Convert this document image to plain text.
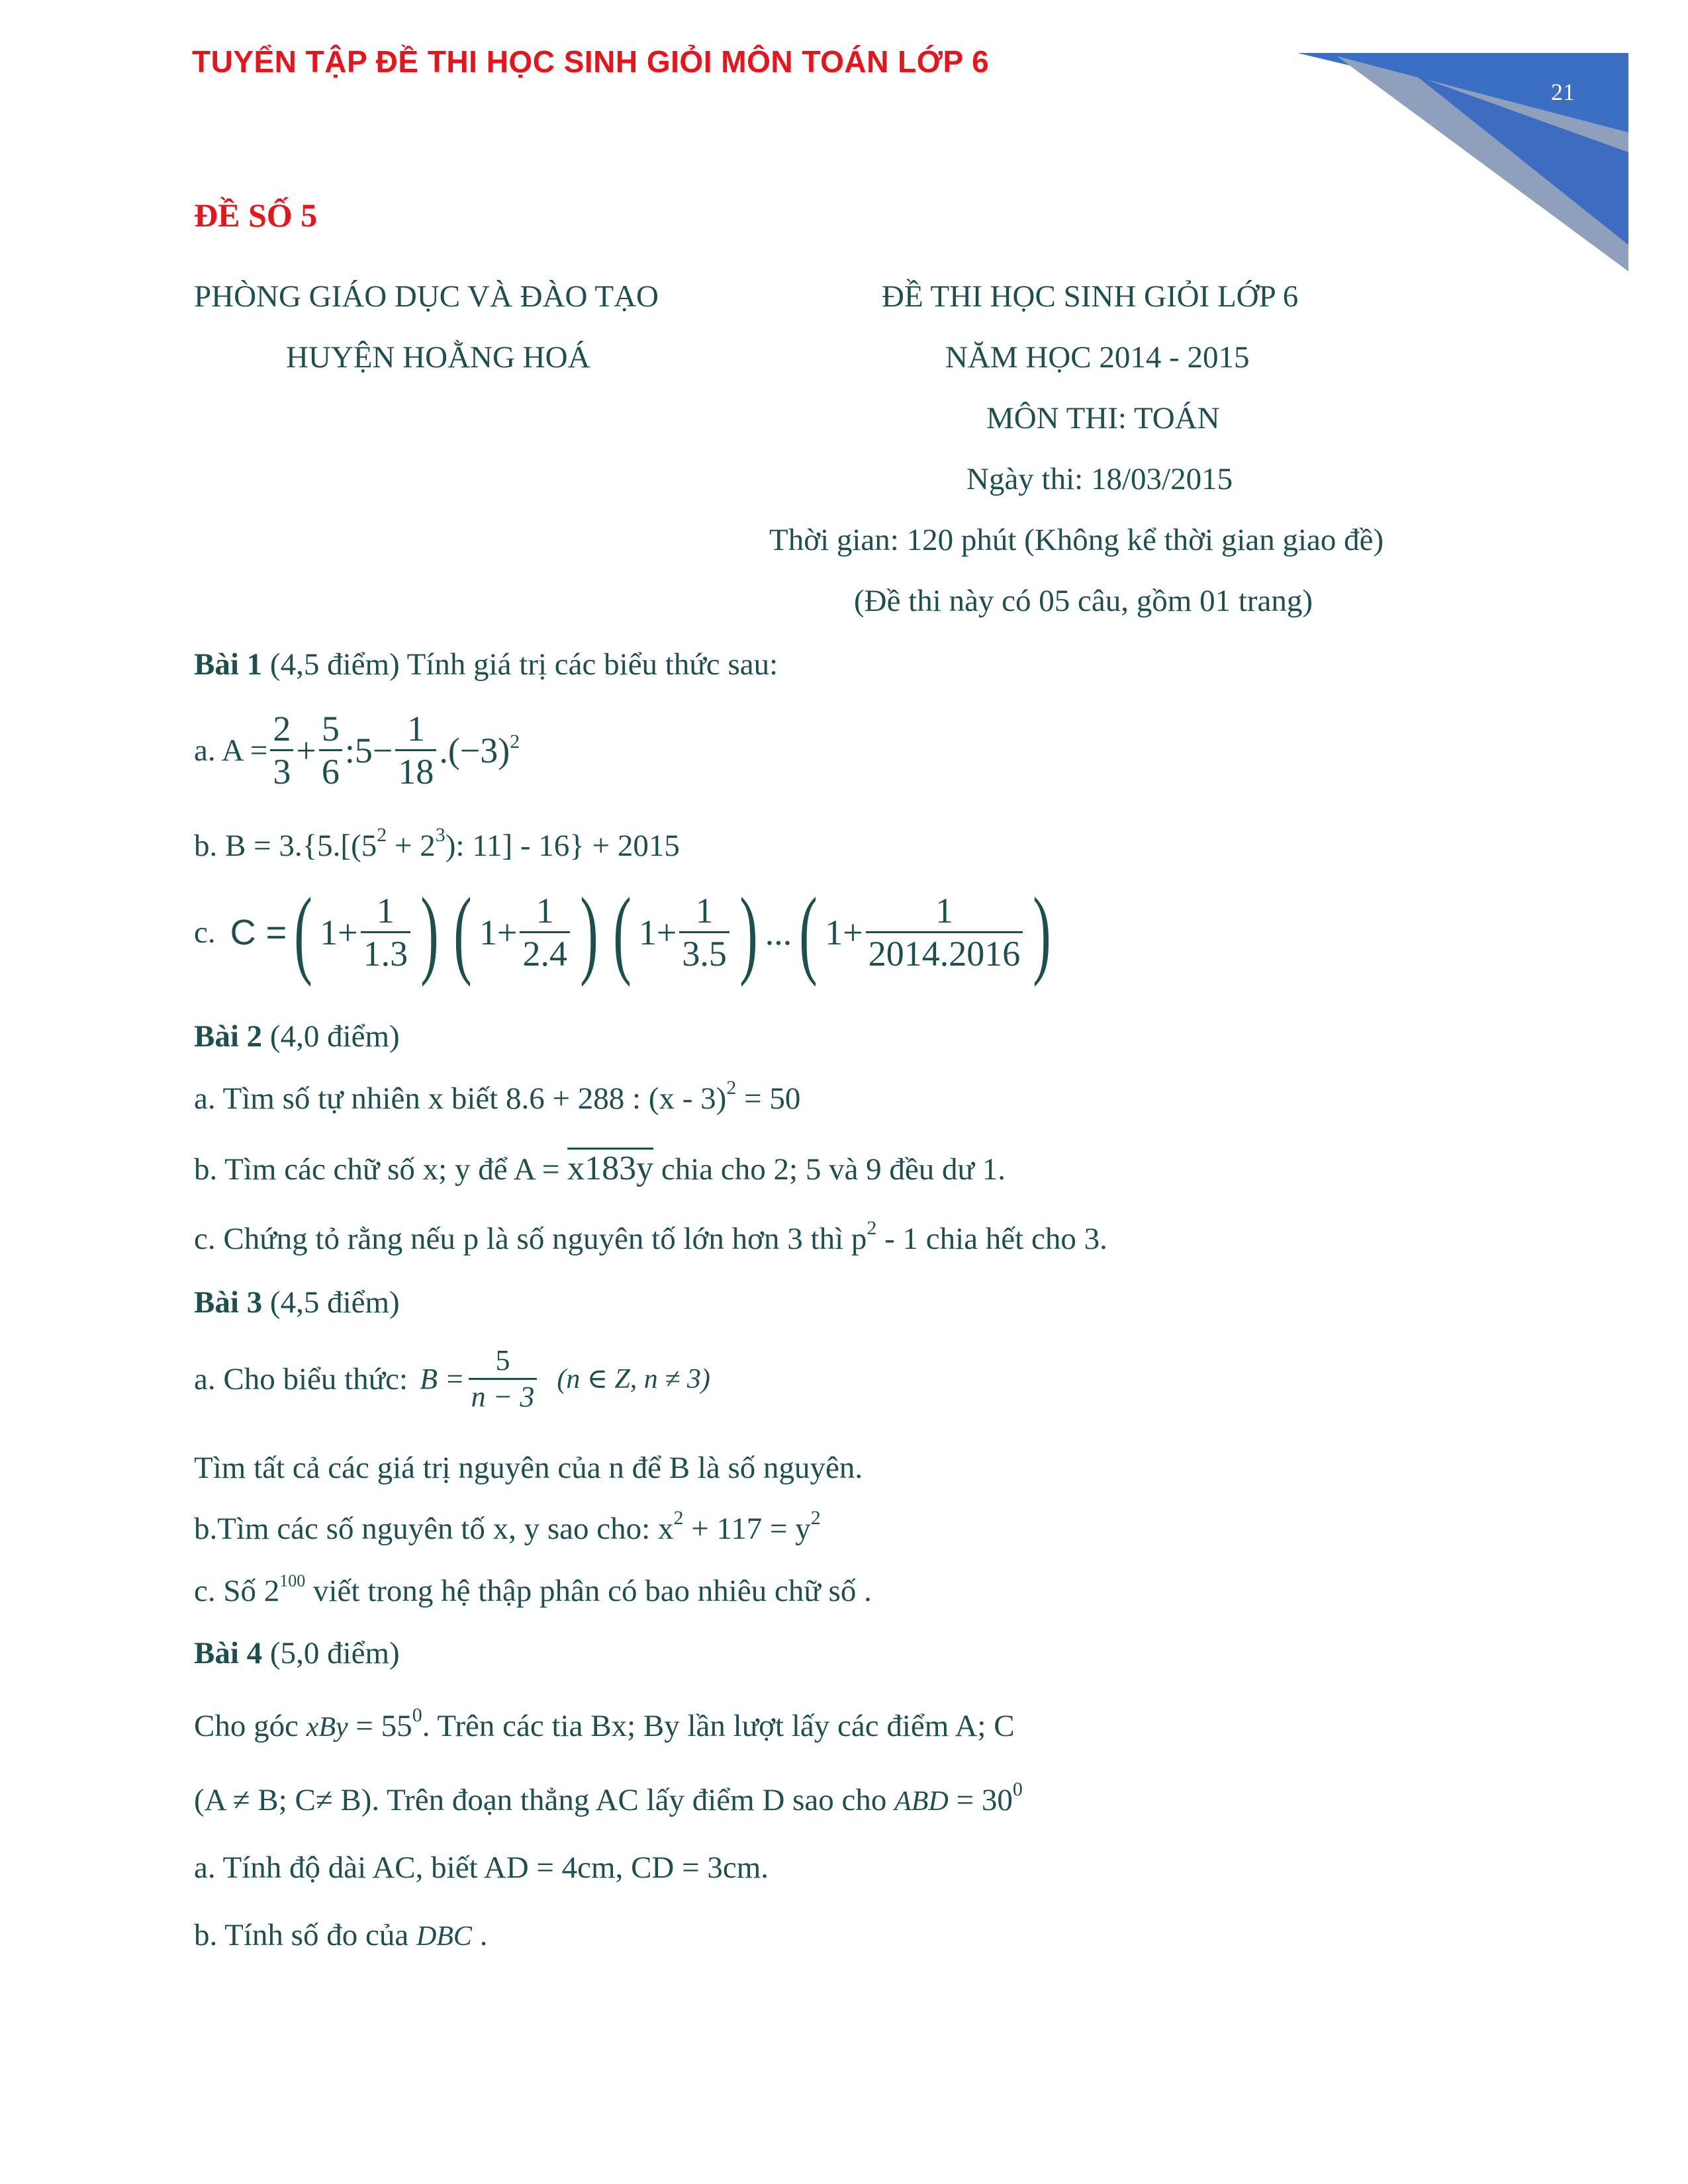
TUYỂN TẬP ĐỀ THI HỌC SINH GIỎI MÔN TOÁN LỚP 6
21
ĐỀ SỐ 5
PHÒNG GIÁO DỤC VÀ ĐÀO TẠO
HUYỆN HOẰNG HOÁ
ĐỀ THI HỌC SINH GIỎI LỚP 6
NĂM HỌC 2014 - 2015
MÔN THI: TOÁN
Ngày thi: 18/03/2015
Thời gian: 120 phút (Không kể thời gian giao đề)
(Đề thi này có 05 câu, gồm 01 trang)
Bài 1 (4,5 điểm) Tính giá trị các biểu thức sau:
a. $A = \frac{2}{3} + \frac{5}{6}$ :5− $\frac{1}{18} .(-3)^2$
b. $B = 3.\{5.[(5^2 + 2^3)$: 11] - 16} + 2015
c. C = ( $1+ \frac{1}{1.3}$ ) ( $1+ \frac{1}{2.4}$ ) ( $1+ \frac{1}{3.5}$ ) ... ( $1+ \frac{1}{2014.2016}$ )
Bài 2 (4,0 điểm)
a. Tìm số tự nhiên x biết 8.6 + 288 : (x - 3)$^2$ = 50
b. Tìm các chữ số x; y để A = x183y chia cho 2; 5 và 9 đều dư 1.
c. Chứng tỏ rằng nếu p là số nguyên tố lớn hơn 3 thì $p^2 - 1$ chia hết cho 3.
Bài 3 (4,5 điểm)
a. Cho biểu thức: $B = \frac{5}{n - 3} (n$ ∈ Z, n ≠ 3)
Tìm tất cả các giá trị nguyên của n để B là số nguyên.
b.Tìm các số nguyên tố x, y sao cho: $x^2 + 117 = y^2$
c. Số $2^{100}$ viết trong hệ thập phân có bao nhiêu chữ số .
Bài 4 (5,0 điểm)
Cho góc xBy = $55^0$. Trên các tia Bx; By lần lượt lấy các điểm A; C
(A ≠ B; C≠ B). Trên đoạn thẳng AC lấy điểm D sao cho ABD = $30^0$
a. Tính độ dài AC, biết AD = 4cm, CD = 3cm.
b. Tính số đo của DBC .
